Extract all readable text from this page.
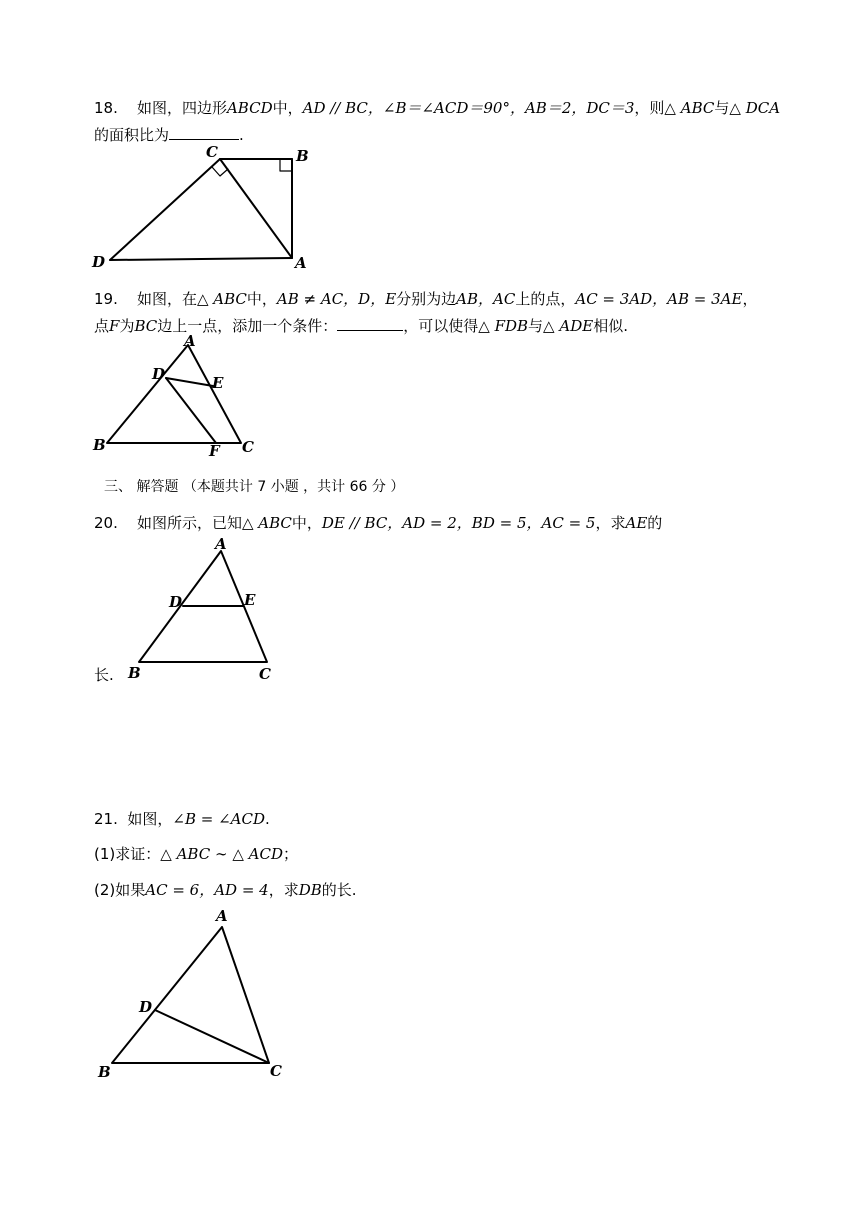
18. 如图，四边形ABCD中，AD // BC，∠B＝∠ACD＝90°，AB＝2，DC＝3，则△ ABC与△ DCA
的面积比为	.
C	B
D	A
19. 如图，在△ ABC中，AB ≠ AC，D，E分别为边AB，AC上的点，AC = 3AD，AB = 3AE，
点F为BC边上一点，添加一个条件：	，可以使得△ FDB与△ ADE相似.
A
D	E
B	F C
三、 解答题 （本题共计 7 小题 ，共计 66 分 ）
20. 如图所示，已知△ ABC中，DE // BC，AD = 2，BD = 5，AC = 5，求AE的
长.
A
D	E
B	C
21. 如图，∠B = ∠ACD.
(1)求证：△ ABC ∼ △ ACD；
(2)如果AC = 6，AD = 4，求DB的长.
A
D
B	C
